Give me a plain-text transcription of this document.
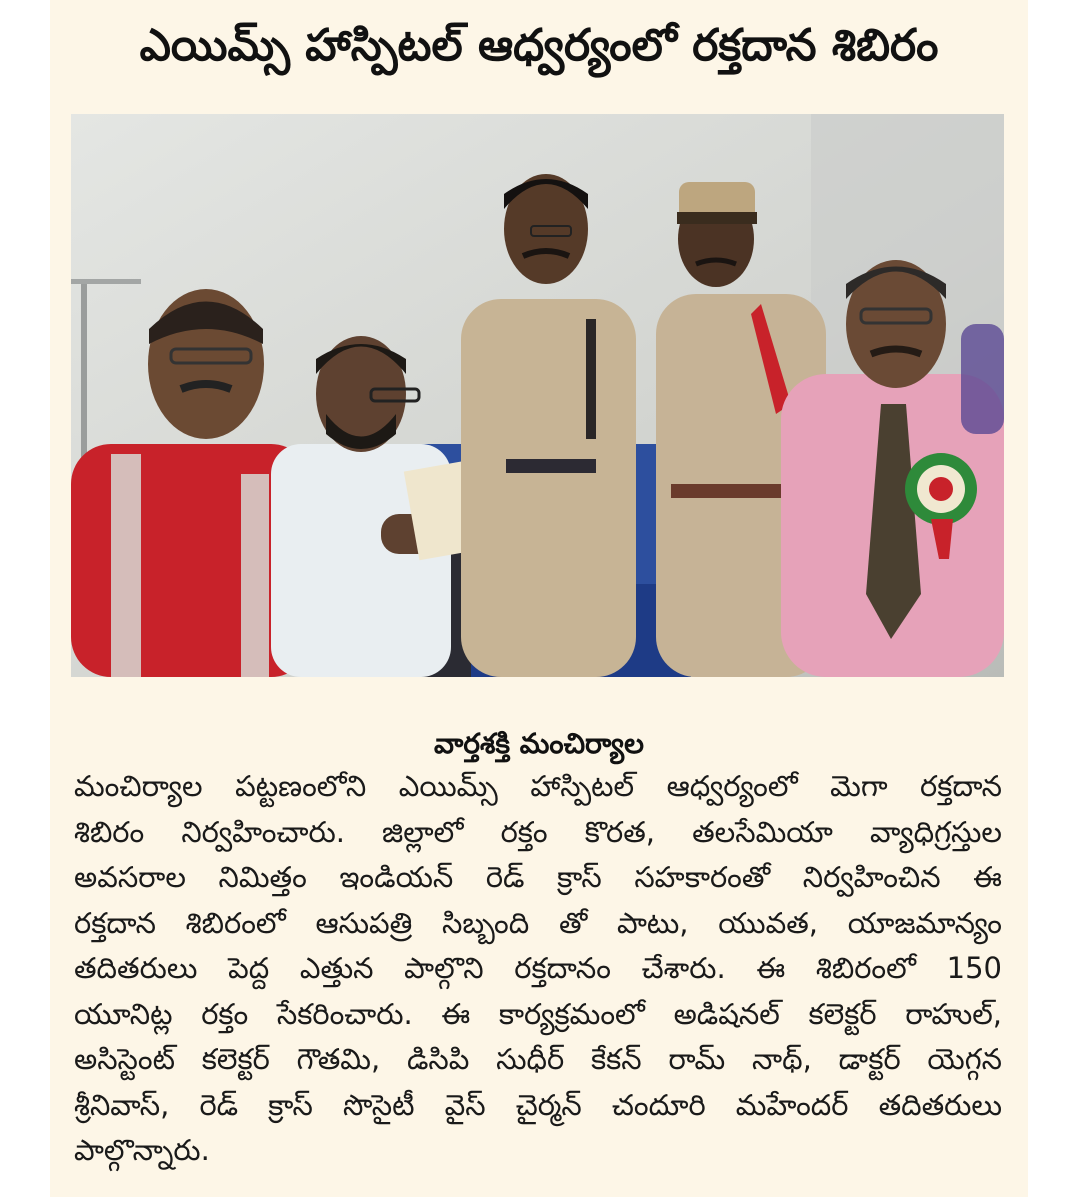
ఎయిమ్స్ హాస్పిటల్ ఆధ్వర్యంలో రక్తదాన శిబిరం
వార్తశక్తి మంచిర్యాల
మంచిర్యాల పట్టణంలోని ఎయిమ్స్ హాస్పిటల్ ఆధ్వర్యంలో మెగా రక్తదాన
శిబిరం నిర్వహించారు. జిల్లాలో రక్తం కొరత, తలసేమియా వ్యాధిగ్రస్తుల
అవసరాల నిమిత్తం ఇండియన్ రెడ్ క్రాస్ సహకారంతో నిర్వహించిన ఈ
రక్తదాన శిబిరంలో ఆసుపత్రి సిబ్బంది తో పాటు, యువత, యాజమాన్యం
తదితరులు పెద్ద ఎత్తున పాల్గొని రక్తదానం చేశారు. ఈ శిబిరంలో 150
యూనిట్ల రక్తం సేకరించారు. ఈ కార్యక్రమంలో అడిషనల్ కలెక్టర్ రాహుల్,
అసిస్టెంట్ కలెక్టర్ గౌతమి, డిసిపి సుధీర్ కేకన్ రామ్ నాథ్, డాక్టర్ యెగ్గన
శ్రీనివాస్, రెడ్ క్రాస్ సొసైటీ వైస్ చైర్మన్ చందూరి మహేందర్ తదితరులు
పాల్గొన్నారు.
